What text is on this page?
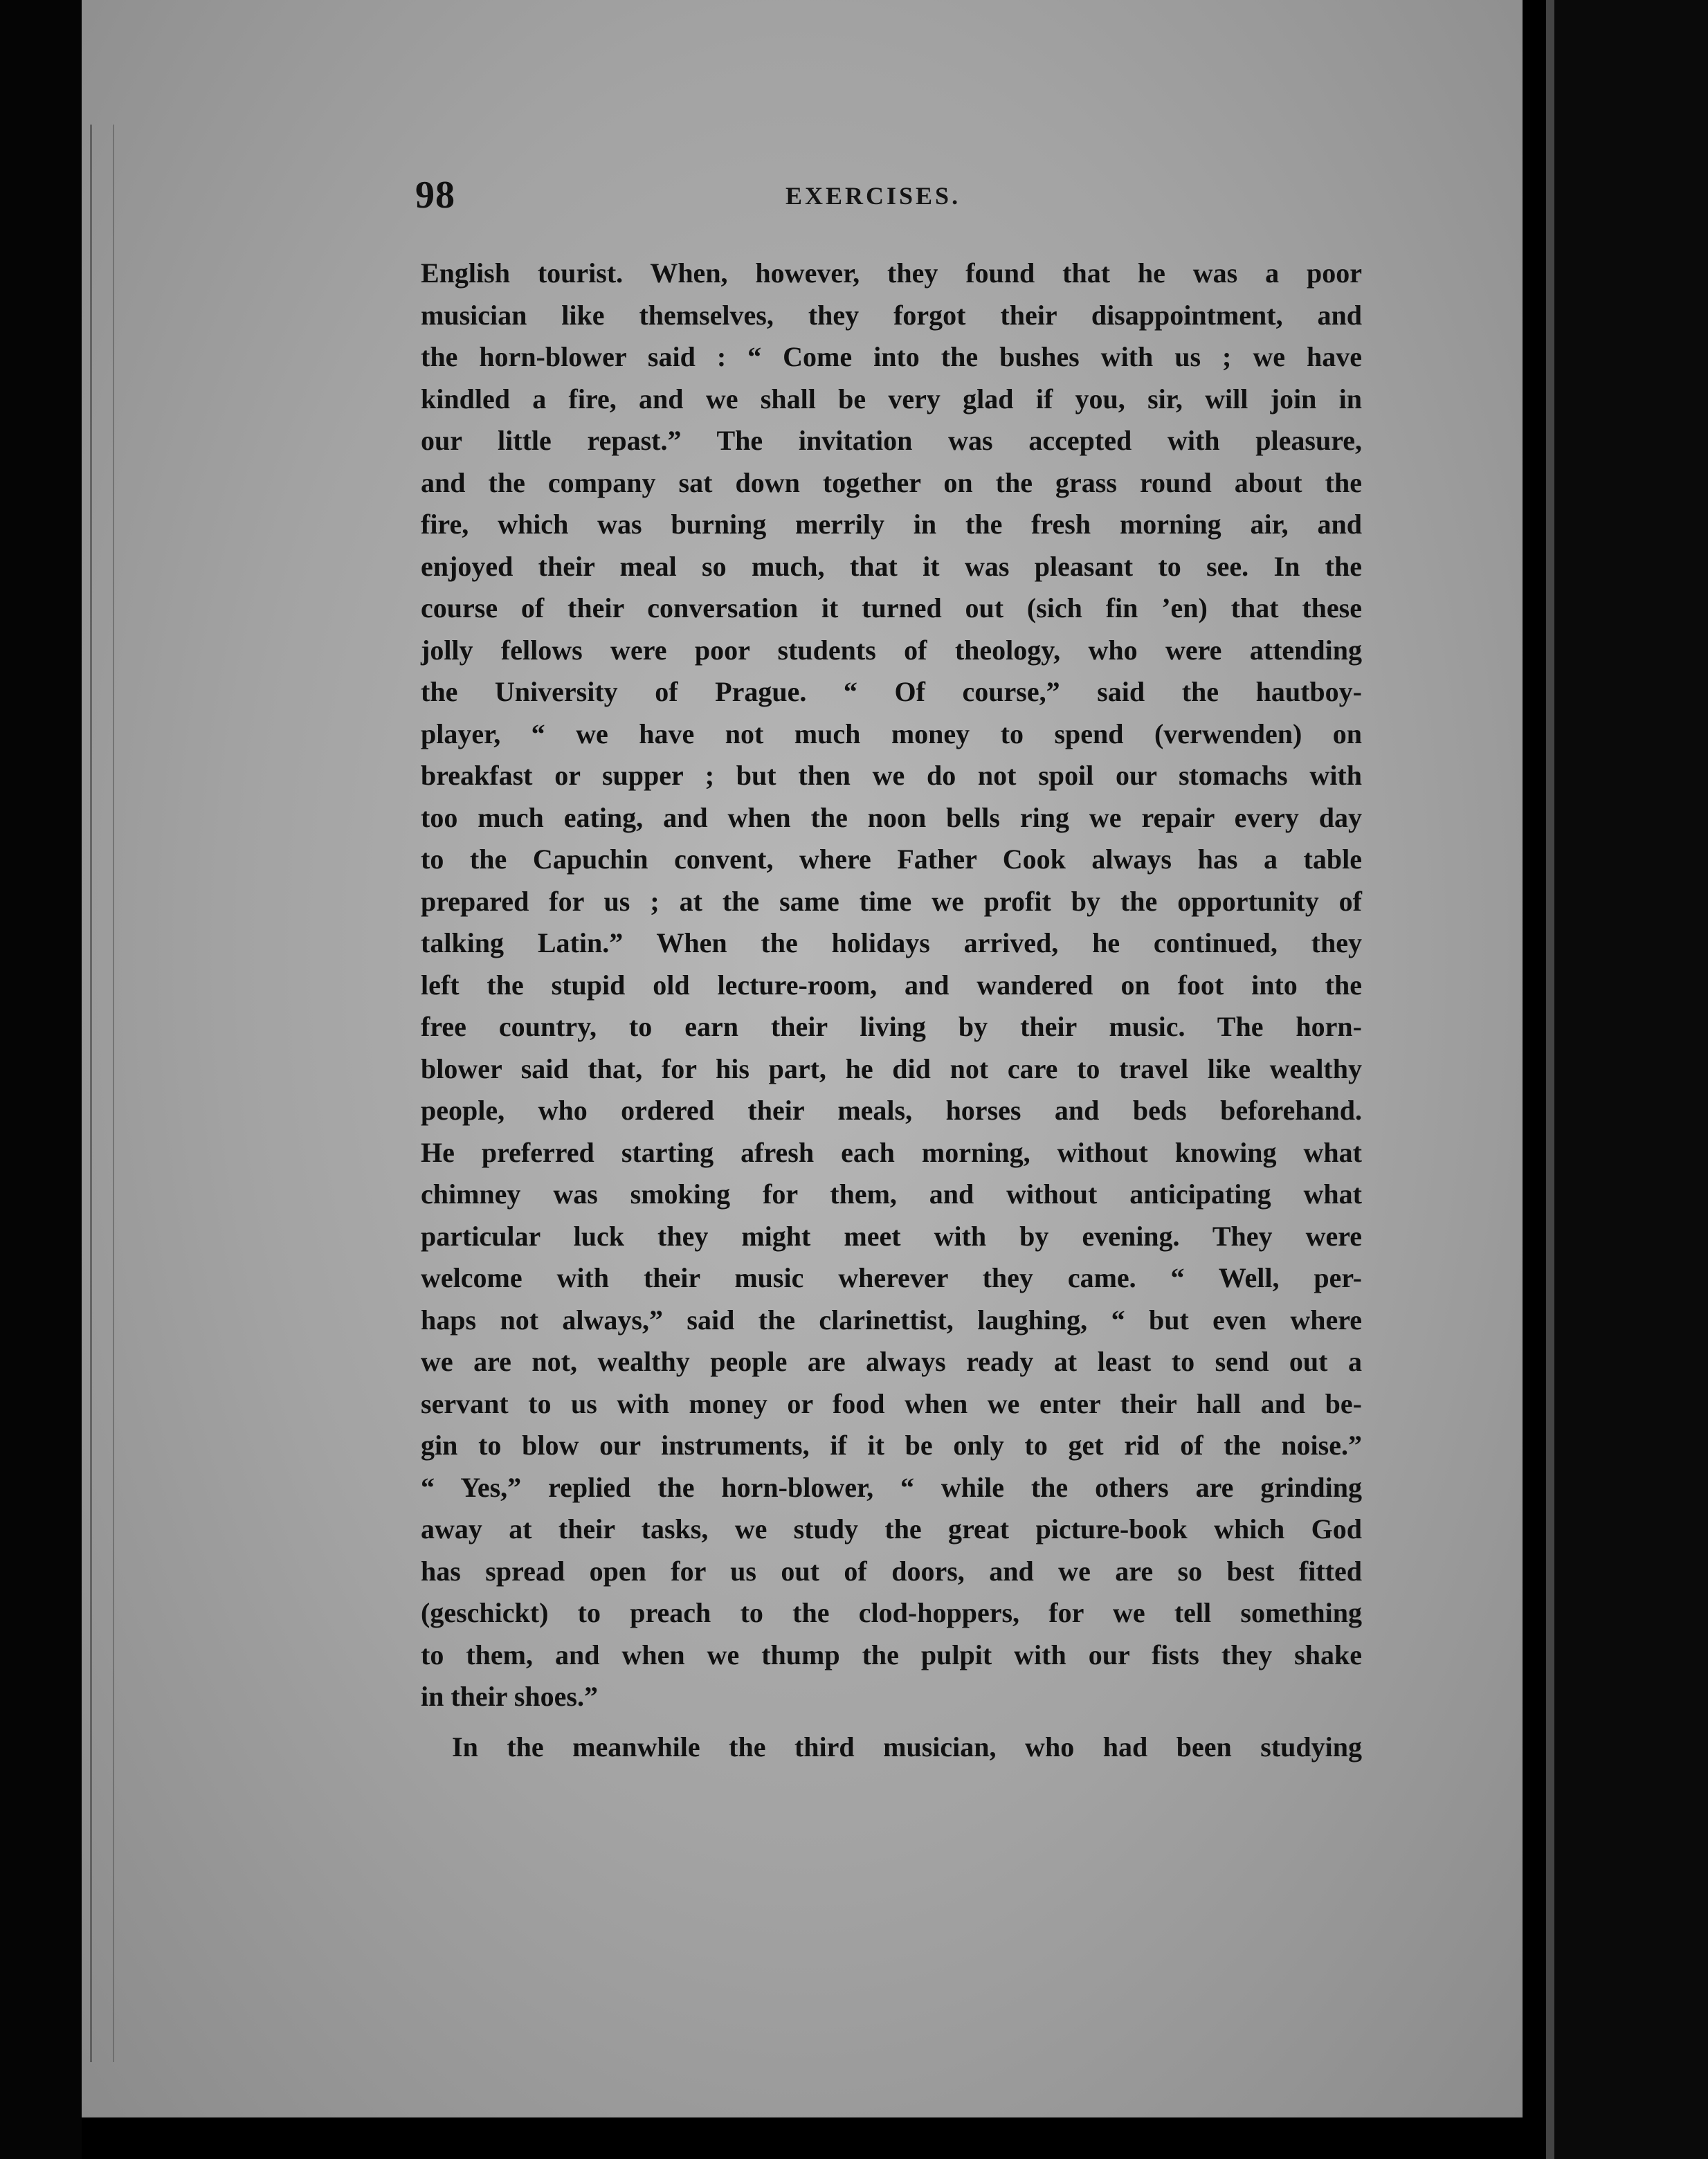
98	EXERCISES.
English tourist. When, however, they found that he was a poor
musician like themselves, they forgot their disappointment, and
the horn-blower said : “ Come into the bushes with us ; we have
kindled a fire, and we shall be very glad if you, sir, will join in
our little repast.” The invitation was accepted with pleasure,
and the company sat down together on the grass round about the
fire, which was burning merrily in the fresh morning air, and
enjoyed their meal so much, that it was pleasant to see. In the
course of their conversation it turned out (sich fin ’en) that these
jolly fellows were poor students of theology, who were attending
the University of Prague. “ Of course,” said the hautboy-
player, “ we have not much money to spend (verwenden) on
breakfast or supper ; but then we do not spoil our stomachs with
too much eating, and when the noon bells ring we repair every day
to the Capuchin convent, where Father Cook always has a table
prepared for us ; at the same time we profit by the opportunity of
talking Latin.” When the holidays arrived, he continued, they
left the stupid old lecture-room, and wandered on foot into the
free country, to earn their living by their music. The horn-
blower said that, for his part, he did not care to travel like wealthy
people, who ordered their meals, horses and beds beforehand.
He preferred starting afresh each morning, without knowing what
chimney was smoking for them, and without anticipating what
particular luck they might meet with by evening. They were
welcome with their music wherever they came. “ Well, per-
haps not always,” said the clarinettist, laughing, “ but even where
we are not, wealthy people are always ready at least to send out a
servant to us with money or food when we enter their hall and be-
gin to blow our instruments, if it be only to get rid of the noise.”
“ Yes,” replied the horn-blower, “ while the others are grinding
away at their tasks, we study the great picture-book which God
has spread open for us out of doors, and we are so best fitted
(geschickt) to preach to the clod-hoppers, for we tell something
to them, and when we thump the pulpit with our fists they shake
in their shoes.”
In the meanwhile the third musician, who had been studying
